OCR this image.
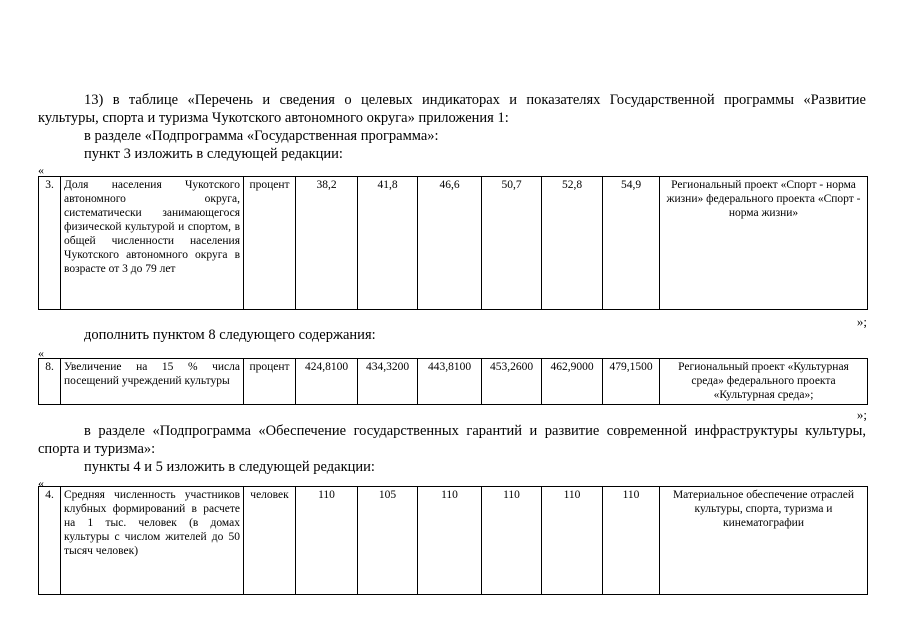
13) в таблице «Перечень и сведения о целевых индикаторах и показателях Государственной программы «Развитие
культуры, спорта и туризма Чукотского автономного округа» приложения 1:
в разделе «Подпрограмма «Государственная программа»:
пункт 3 изложить в следующей редакции:
«
3.	Доля населения Чукотского автономного округа, систематически занимающегося физической культурой и спортом, в общей численности населения Чукотского автономного округа в возрасте от 3 до 79 лет	процент	38,2	41,8	46,6	50,7	52,8	54,9	Региональный проект «Спорт - норма жизни» федерального проекта «Спорт - норма жизни»
»;
дополнить пунктом 8 следующего содержания:
«
8.	Увеличение на 15 % числа посещений учреждений культуры	процент	424,8100	434,3200	443,8100	453,2600	462,9000	479,1500	Региональный проект «Культурная среда» федерального проекта «Культурная среда»;
»;
в разделе «Подпрограмма «Обеспечение государственных гарантий и развитие современной инфраструктуры культуры,
спорта и туризма»:
пункты 4 и 5 изложить в следующей редакции:
«
4.	Средняя численность участников клубных формирований в расчете на 1 тыс. человек (в домах культуры с числом жителей до 50 тысяч человек)	человек	110	105	110	110	110	110	Материальное обеспечение отраслей культуры, спорта, туризма и кинематографии
